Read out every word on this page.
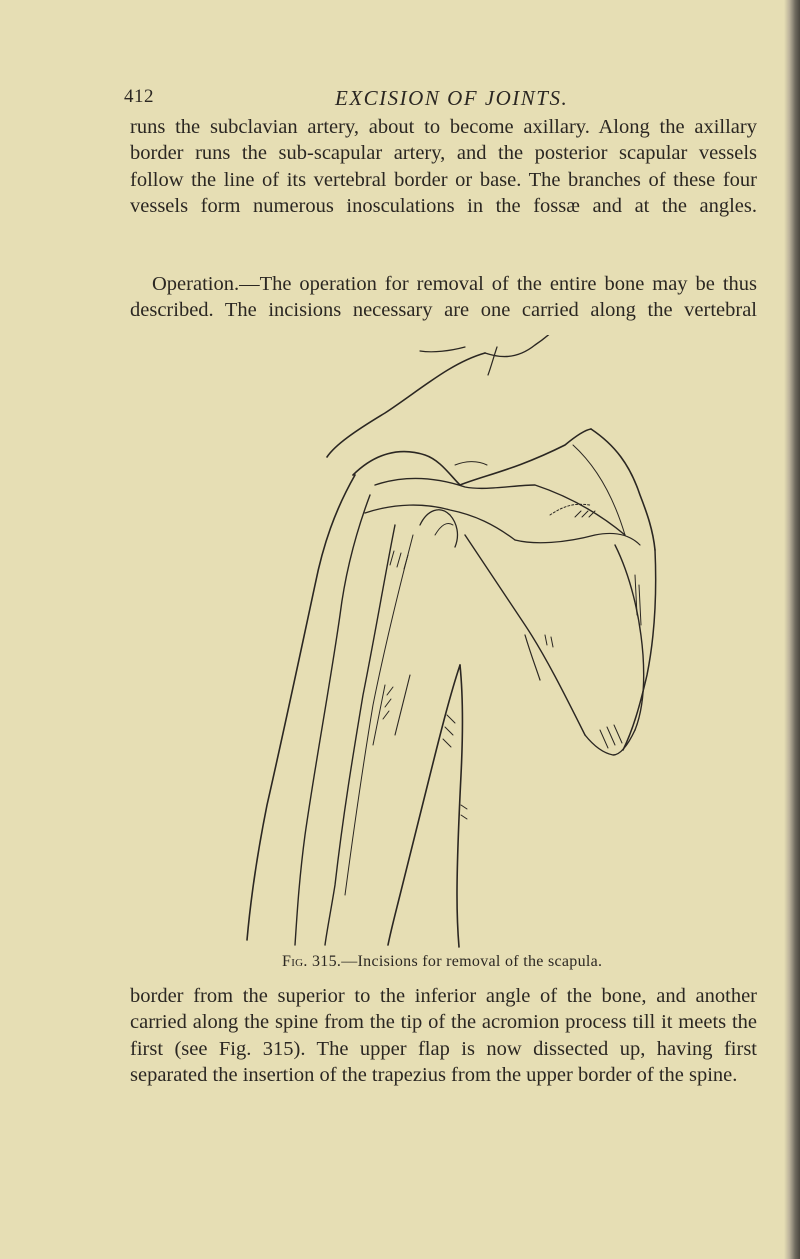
412	EXCISION OF JOINTS.

runs the subclavian artery, about to become axillary. Along the axillary border runs the sub-scapular artery, and the posterior scapular vessels follow the line of its vertebral border or base. The branches of these four vessels form numerous inosculations in the fossæ and at the angles.

Operation.—The operation for removal of the entire bone may be thus described. The incisions necessary are one carried along the vertebral

Fig. 315.—Incisions for removal of the scapula.

border from the superior to the inferior angle of the bone, and another carried along the spine from the tip of the acromion process till it meets the first (see Fig. 315). The upper flap is now dissected up, having first separated the insertion of the trapezius from the upper border of the spine.
